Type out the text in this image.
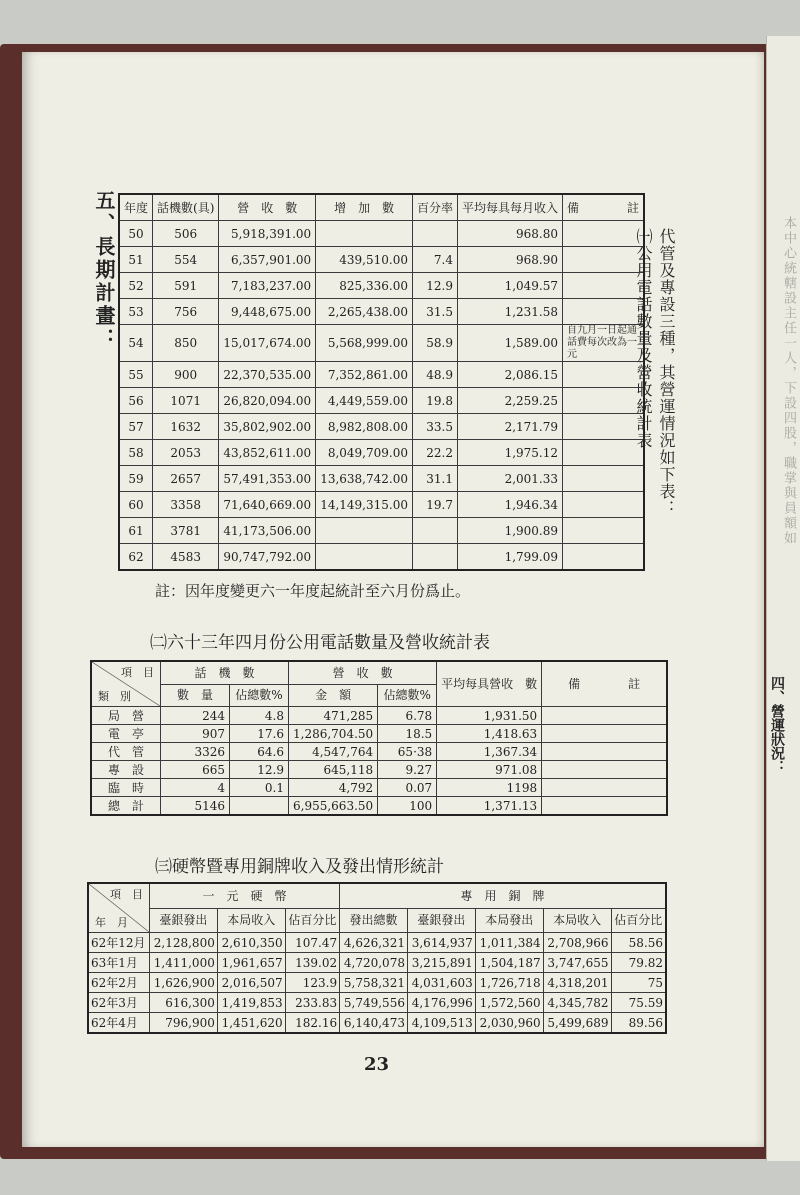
本中心統轄設主任一人，下設四股，職掌與員額如
四、營運狀況：
五、長期計畫：	代管及專設三種，其營運情況如下表：
㈠公用電話數量及營收統計表
年度	話機數(具)	營　收　數	增　加　數	百分率	平均每具每月收入	備　　　　註
50	506	5,918,391.00			968.80	
51	554	6,357,901.00	439,510.00	7.4	968.90	
52	591	7,183,237.00	825,336.00	12.9	1,049.57	
53	756	9,448,675.00	2,265,438.00	31.5	1,231.58	
54	850	15,017,674.00	5,568,999.00	58.9	1,589.00	自九月一日起通話費每次改為一元
55	900	22,370,535.00	7,352,861.00	48.9	2,086.15	
56	1071	26,820,094.00	4,449,559.00	19.8	2,259.25	
57	1632	35,802,902.00	8,982,808.00	33.5	2,171.79	
58	2053	43,852,611.00	8,049,709.00	22.2	1,975.12	
59	2657	57,491,353.00	13,638,742.00	31.1	2,001.33	
60	3358	71,640,669.00	14,149,315.00	19.7	1,946.34	
61	3781	41,173,506.00			1,900.89	
62	4583	90,747,792.00			1,799.09	
註：因年度變更六一年度起統計至六月份爲止。
㈡六十三年四月份公用電話數量及營收統計表
項　目
類　別	話　機　數		營　收　數		平均每具營收　數	備　　　　註
	數　量	佔總數%	金　額	佔總數%		
局　營	244	4.8	471,285	6.78	1,931.50	
電　亭	907	17.6	1,286,704.50	18.5	1,418.63	
代　管	3326	64.6	4,547,764	65·38	1,367.34	
專　設	665	12.9	645,118	9.27	971.08	
臨　時	4	0.1	4,792	0.07	1198	
總　計	5146		6,955,663.50	100	1,371.13	
㈢硬幣暨專用銅牌收入及發出情形統計
項　目
年　月	一　元　硬　幣			專　用　銅　牌				
	臺銀發出	本局收入	佔百分比	發出總數	臺銀發出	本局發出	本局收入	佔百分比
62年12月	2,128,800	2,610,350	107.47	4,626,321	3,614,937	1,011,384	2,708,966	58.56
63年1月	1,411,000	1,961,657	139.02	4,720,078	3,215,891	1,504,187	3,747,655	79.82
62年2月	1,626,900	2,016,507	123.9	5,758,321	4,031,603	1,726,718	4,318,201	75
62年3月	616,300	1,419,853	233.83	5,749,556	4,176,996	1,572,560	4,345,782	75.59
62年4月	796,900	1,451,620	182.16	6,140,473	4,109,513	2,030,960	5,499,689	89.56
23
